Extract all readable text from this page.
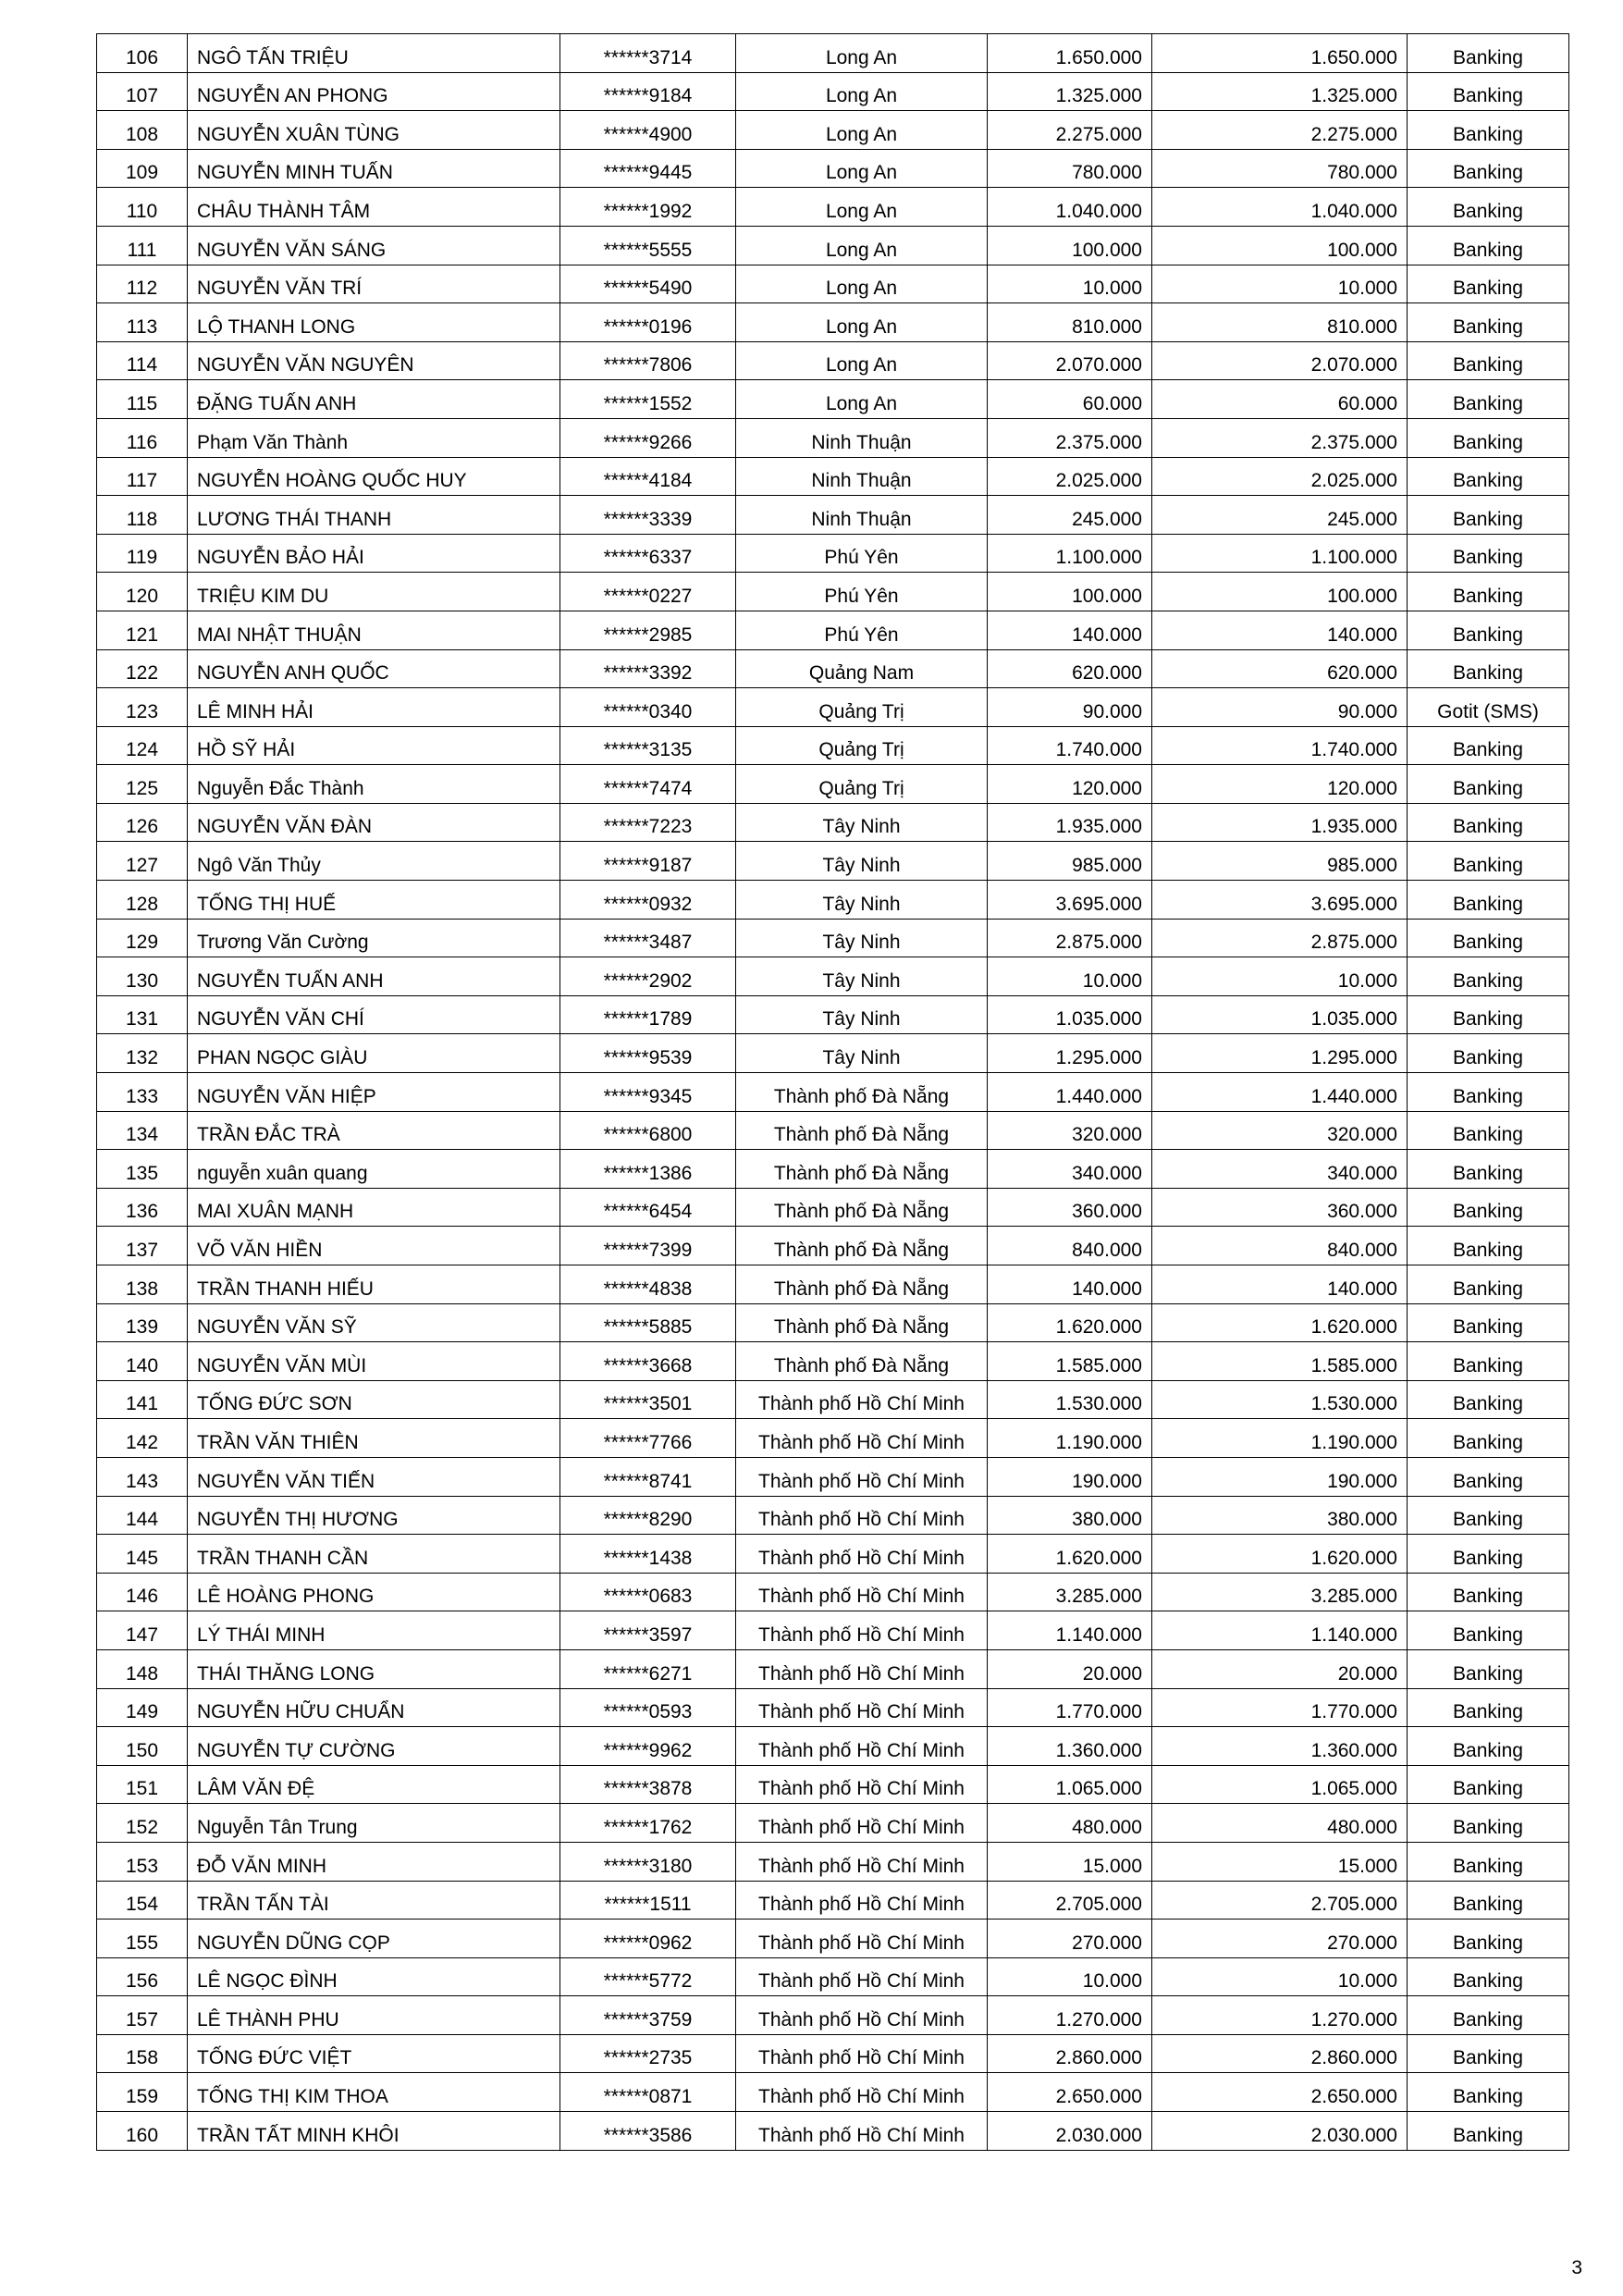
106	NGÔ TẤN TRIỆU	******3714	Long An	1.650.000	1.650.000	Banking
107	NGUYỄN AN PHONG	******9184	Long An	1.325.000	1.325.000	Banking
108	NGUYỄN XUÂN TÙNG	******4900	Long An	2.275.000	2.275.000	Banking
109	NGUYỄN MINH TUẤN	******9445	Long An	780.000	780.000	Banking
110	CHÂU THÀNH TÂM	******1992	Long An	1.040.000	1.040.000	Banking
111	NGUYỄN VĂN SÁNG	******5555	Long An	100.000	100.000	Banking
112	NGUYỄN VĂN TRÍ	******5490	Long An	10.000	10.000	Banking
113	LỘ THANH LONG	******0196	Long An	810.000	810.000	Banking
114	NGUYỄN VĂN NGUYÊN	******7806	Long An	2.070.000	2.070.000	Banking
115	ĐẶNG TUẤN ANH	******1552	Long An	60.000	60.000	Banking
116	Phạm Văn Thành	******9266	Ninh Thuận	2.375.000	2.375.000	Banking
117	NGUYỄN HOÀNG QUỐC HUY	******4184	Ninh Thuận	2.025.000	2.025.000	Banking
118	LƯƠNG THÁI THANH	******3339	Ninh Thuận	245.000	245.000	Banking
119	NGUYỄN BẢO HẢI	******6337	Phú Yên	1.100.000	1.100.000	Banking
120	TRIỆU KIM DU	******0227	Phú Yên	100.000	100.000	Banking
121	MAI NHẬT THUẬN	******2985	Phú Yên	140.000	140.000	Banking
122	NGUYỄN ANH QUỐC	******3392	Quảng Nam	620.000	620.000	Banking
123	LÊ MINH HẢI	******0340	Quảng Trị	90.000	90.000	Gotit (SMS)
124	HỒ SỸ HẢI	******3135	Quảng Trị	1.740.000	1.740.000	Banking
125	Nguyễn Đắc Thành	******7474	Quảng Trị	120.000	120.000	Banking
126	NGUYỄN VĂN ĐÀN	******7223	Tây Ninh	1.935.000	1.935.000	Banking
127	Ngô Văn Thủy	******9187	Tây Ninh	985.000	985.000	Banking
128	TỐNG THỊ HUẾ	******0932	Tây Ninh	3.695.000	3.695.000	Banking
129	Trương Văn Cường	******3487	Tây Ninh	2.875.000	2.875.000	Banking
130	NGUYỄN TUẤN ANH	******2902	Tây Ninh	10.000	10.000	Banking
131	NGUYỄN VĂN CHÍ	******1789	Tây Ninh	1.035.000	1.035.000	Banking
132	PHAN NGỌC GIÀU	******9539	Tây Ninh	1.295.000	1.295.000	Banking
133	NGUYỄN VĂN HIỆP	******9345	Thành phố Đà Nẵng	1.440.000	1.440.000	Banking
134	TRẦN ĐẮC TRÀ	******6800	Thành phố Đà Nẵng	320.000	320.000	Banking
135	nguyễn xuân quang	******1386	Thành phố Đà Nẵng	340.000	340.000	Banking
136	MAI XUÂN MẠNH	******6454	Thành phố Đà Nẵng	360.000	360.000	Banking
137	VÕ VĂN HIỀN	******7399	Thành phố Đà Nẵng	840.000	840.000	Banking
138	TRẦN THANH HIẾU	******4838	Thành phố Đà Nẵng	140.000	140.000	Banking
139	NGUYỄN VĂN SỸ	******5885	Thành phố Đà Nẵng	1.620.000	1.620.000	Banking
140	NGUYỄN VĂN MÙI	******3668	Thành phố Đà Nẵng	1.585.000	1.585.000	Banking
141	TỐNG ĐỨC SƠN	******3501	Thành phố Hồ Chí Minh	1.530.000	1.530.000	Banking
142	TRẦN VĂN THIÊN	******7766	Thành phố Hồ Chí Minh	1.190.000	1.190.000	Banking
143	NGUYỄN VĂN TIẾN	******8741	Thành phố Hồ Chí Minh	190.000	190.000	Banking
144	NGUYỄN THỊ HƯƠNG	******8290	Thành phố Hồ Chí Minh	380.000	380.000	Banking
145	TRẦN THANH CẦN	******1438	Thành phố Hồ Chí Minh	1.620.000	1.620.000	Banking
146	LÊ HOÀNG PHONG	******0683	Thành phố Hồ Chí Minh	3.285.000	3.285.000	Banking
147	LÝ THÁI MINH	******3597	Thành phố Hồ Chí Minh	1.140.000	1.140.000	Banking
148	THÁI THĂNG LONG	******6271	Thành phố Hồ Chí Minh	20.000	20.000	Banking
149	NGUYỄN HỮU CHUẨN	******0593	Thành phố Hồ Chí Minh	1.770.000	1.770.000	Banking
150	NGUYỄN TỰ CƯỜNG	******9962	Thành phố Hồ Chí Minh	1.360.000	1.360.000	Banking
151	LÂM VĂN ĐỆ	******3878	Thành phố Hồ Chí Minh	1.065.000	1.065.000	Banking
152	Nguyễn Tân Trung	******1762	Thành phố Hồ Chí Minh	480.000	480.000	Banking
153	ĐỖ VĂN MINH	******3180	Thành phố Hồ Chí Minh	15.000	15.000	Banking
154	TRẦN TẤN TÀI	******1511	Thành phố Hồ Chí Minh	2.705.000	2.705.000	Banking
155	NGUYỄN DŨNG CỌP	******0962	Thành phố Hồ Chí Minh	270.000	270.000	Banking
156	LÊ NGỌC ĐÌNH	******5772	Thành phố Hồ Chí Minh	10.000	10.000	Banking
157	LÊ THÀNH PHU	******3759	Thành phố Hồ Chí Minh	1.270.000	1.270.000	Banking
158	TỐNG ĐỨC VIỆT	******2735	Thành phố Hồ Chí Minh	2.860.000	2.860.000	Banking
159	TỐNG THỊ KIM THOA	******0871	Thành phố Hồ Chí Minh	2.650.000	2.650.000	Banking
160	TRẦN TẤT MINH KHÔI	******3586	Thành phố Hồ Chí Minh	2.030.000	2.030.000	Banking
3
